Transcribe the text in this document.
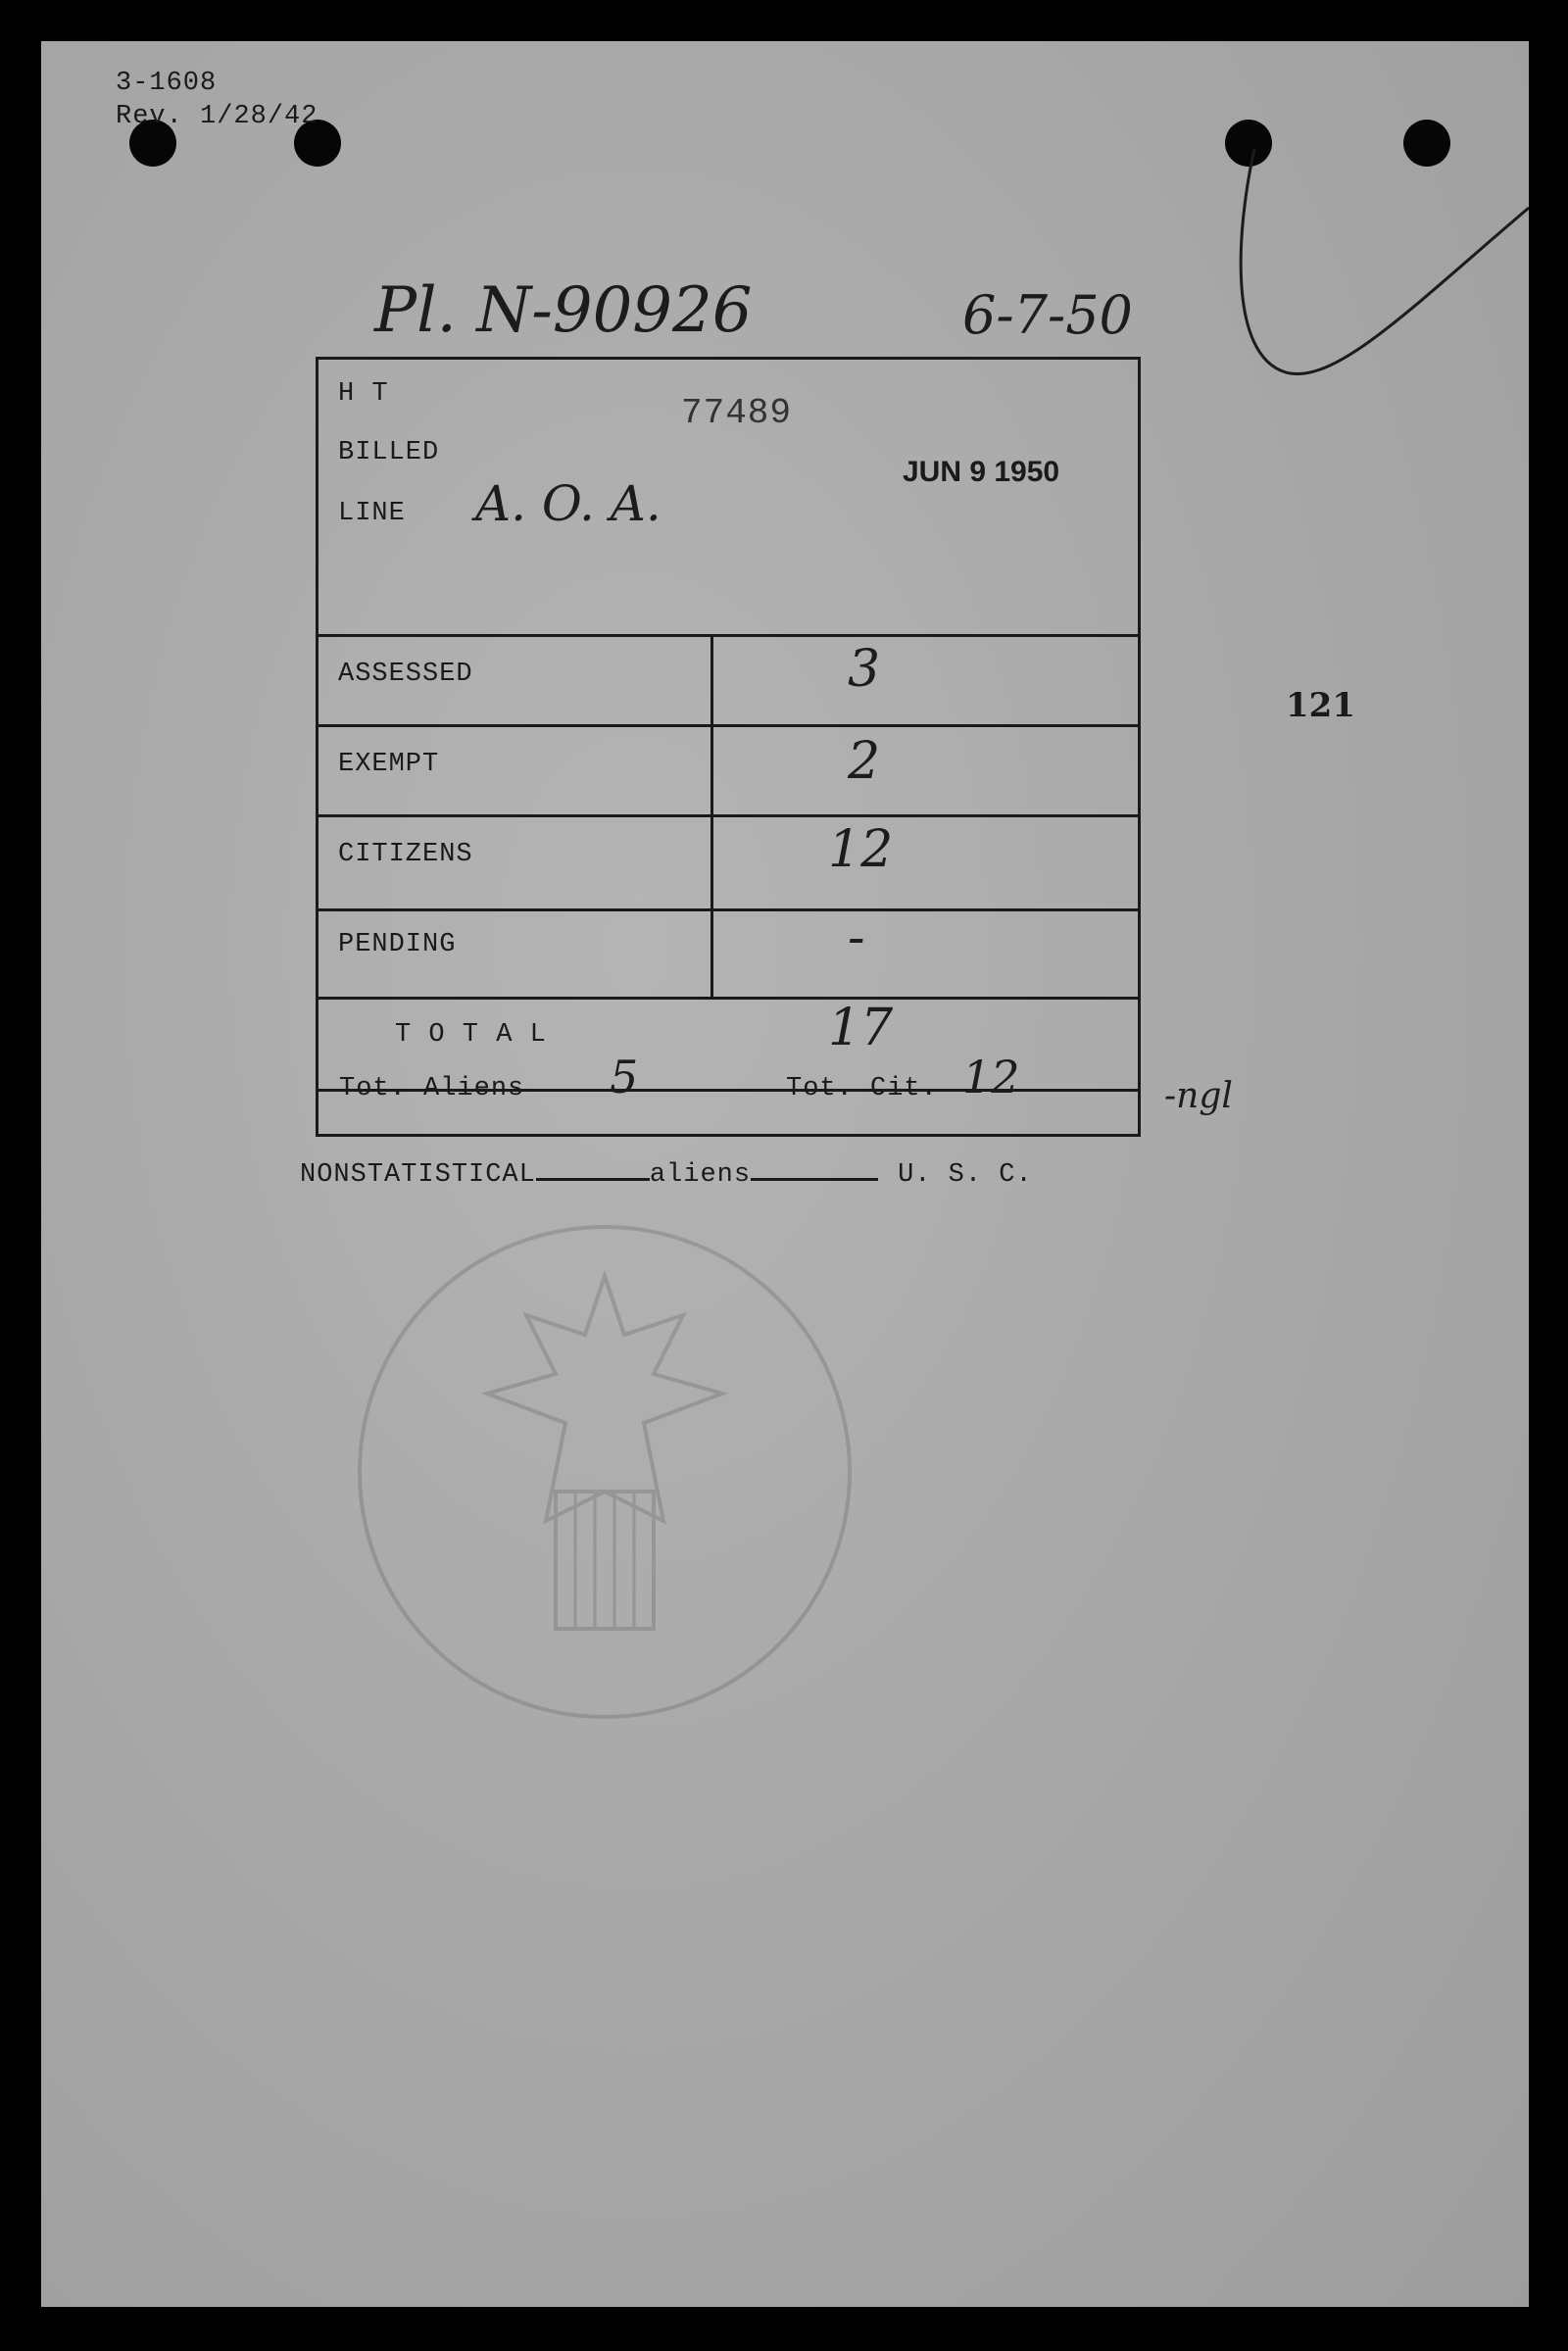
3-1608
Rev. 1/28/42
Pl. N-90926	6-7-50
H T
BILLED
LINE A. O. A.
77489
JUN 9 1950
ASSESSED	3
EXEMPT	2
CITIZENS	12
PENDING	-
T O T A L	17
Tot. Aliens 5	Tot. Cit. 12	-ngl
121
NONSTATISTICAL	aliens	U. S. C.
